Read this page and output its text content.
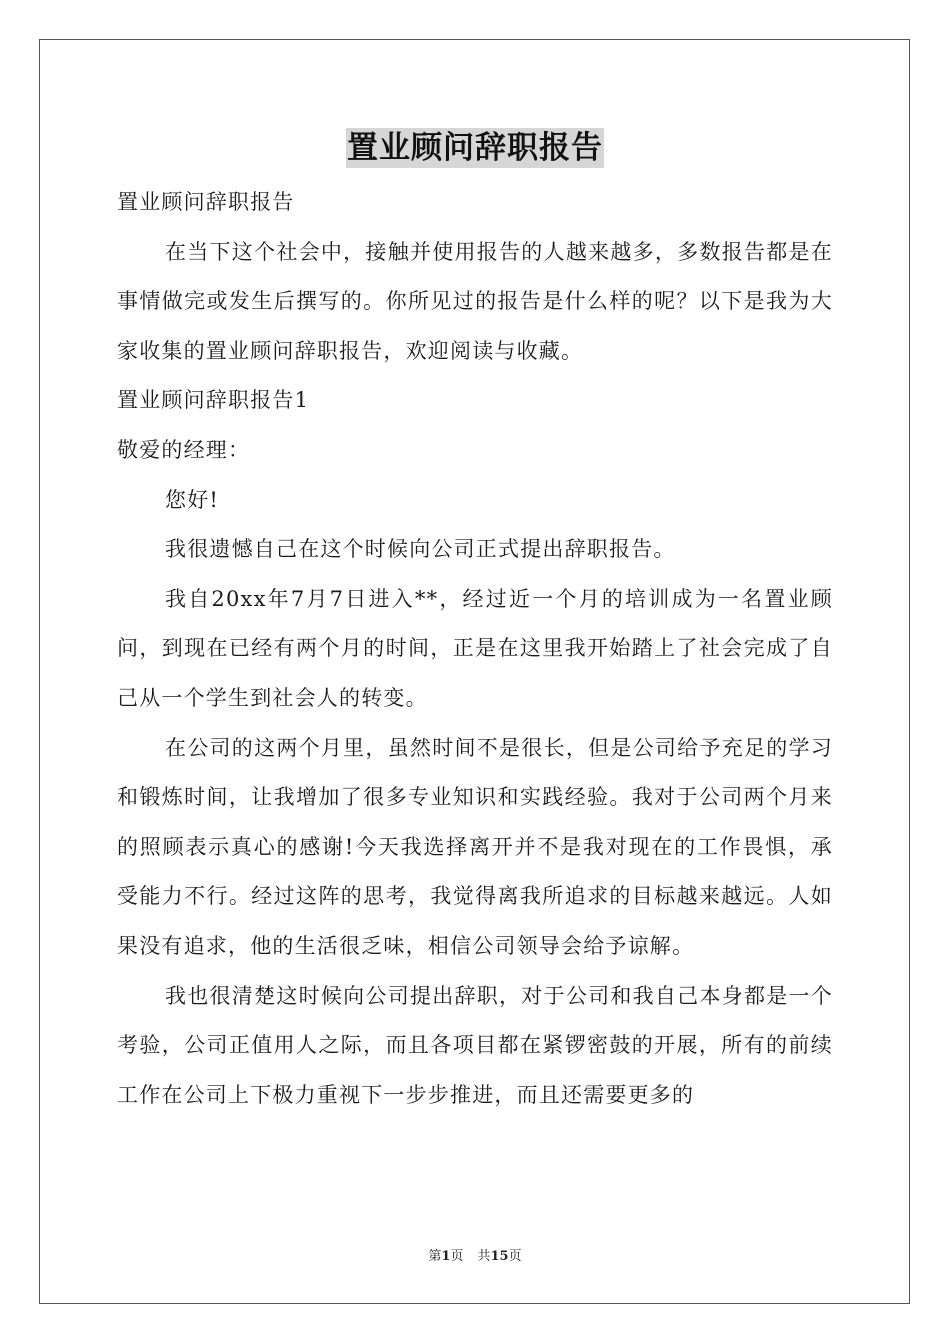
置业顾问辞职报告

置业顾问辞职报告

在当下这个社会中，接触并使用报告的人越来越多，多数报告都是在事情做完或发生后撰写的。你所见过的报告是什么样的呢？以下是我为大家收集的置业顾问辞职报告，欢迎阅读与收藏。

置业顾问辞职报告1

敬爱的经理：

您好!

我很遗憾自己在这个时候向公司正式提出辞职报告。

我自20xx年7月7日进入**，经过近一个月的培训成为一名置业顾问，到现在已经有两个月的时间，正是在这里我开始踏上了社会完成了自己从一个学生到社会人的转变。

在公司的这两个月里，虽然时间不是很长，但是公司给予充足的学习和锻炼时间，让我增加了很多专业知识和实践经验。我对于公司两个月来的照顾表示真心的感谢!今天我选择离开并不是我对现在的工作畏惧，承受能力不行。经过这阵的思考，我觉得离我所追求的目标越来越远。人如果没有追求，他的生活很乏味，相信公司领导会给予谅解。

我也很清楚这时候向公司提出辞职，对于公司和我自己本身都是一个考验，公司正值用人之际，而且各项目都在紧锣密鼓的开展，所有的前续工作在公司上下极力重视下一步步推进，而且还需要更多的

第1页 共15页
